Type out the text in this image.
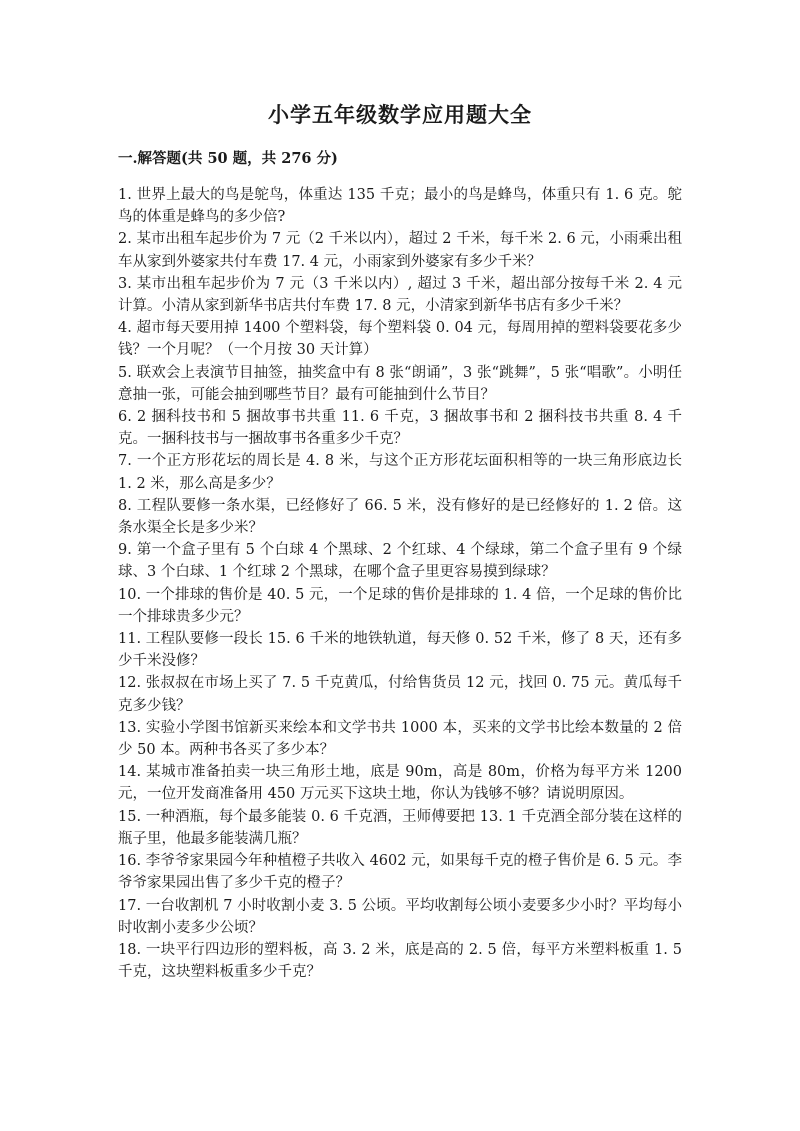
小学五年级数学应用题大全
一.解答题(共 50 题，共 276 分)
1. 世界上最大的鸟是鸵鸟，体重达 135 千克；最小的鸟是蜂鸟，体重只有 1. 6 克。鸵鸟的体重是蜂鸟的多少倍?
2. 某市出租车起步价为 7 元（2 千米以内），超过 2 千米，每千米 2. 6 元，小雨乘出租车从家到外婆家共付车费 17. 4 元，小雨家到外婆家有多少千米？
3. 某市出租车起步价为 7 元（3 千米以内）, 超过 3 千米，超出部分按每千米 2. 4 元计算。小清从家到新华书店共付车费 17. 8 元，小清家到新华书店有多少千米？
4. 超市每天要用掉 1400 个塑料袋，每个塑料袋 0. 04 元，每周用掉的塑料袋要花多少钱？一个月呢？（一个月按 30 天计算）
5. 联欢会上表演节目抽签，抽奖盒中有 8 张“朗诵”，3 张“跳舞”，5 张“唱歌”。小明任意抽一张，可能会抽到哪些节目？最有可能抽到什么节目？
6. 2 捆科技书和 5 捆故事书共重 11. 6 千克，3 捆故事书和 2 捆科技书共重 8. 4 千克。一捆科技书与一捆故事书各重多少千克？
7. 一个正方形花坛的周长是 4. 8 米，与这个正方形花坛面积相等的一块三角形底边长 1. 2 米，那么高是多少？
8. 工程队要修一条水渠，已经修好了 66. 5 米，没有修好的是已经修好的 1. 2 倍。这条水渠全长是多少米？
9. 第一个盒子里有 5 个白球 4 个黑球、2 个红球、4 个绿球，第二个盒子里有 9 个绿球、3 个白球、1 个红球 2 个黑球，在哪个盒子里更容易摸到绿球？
10. 一个排球的售价是 40. 5 元，一个足球的售价是排球的 1. 4 倍，一个足球的售价比一个排球贵多少元？
11. 工程队要修一段长 15. 6 千米的地铁轨道，每天修 0. 52 千米，修了 8 天，还有多少千米没修？
12. 张叔叔在市场上买了 7. 5 千克黄瓜，付给售货员 12 元，找回 0. 75 元。黄瓜每千克多少钱？
13. 实验小学图书馆新买来绘本和文学书共 1000 本，买来的文学书比绘本数量的 2 倍少 50 本。两种书各买了多少本？
14. 某城市准备拍卖一块三角形土地，底是 90m，高是 80m，价格为每平方米 1200 元，一位开发商准备用 450 万元买下这块土地，你认为钱够不够？请说明原因。
15. 一种酒瓶，每个最多能装 0. 6 千克酒，王师傅要把 13. 1 千克酒全部分装在这样的瓶子里，他最多能装满几瓶？
16. 李爷爷家果园今年种植橙子共收入 4602 元，如果每千克的橙子售价是 6. 5 元。李爷爷家果园出售了多少千克的橙子？
17. 一台收割机 7 小时收割小麦 3. 5 公顷。平均收割每公顷小麦要多少小时？平均每小时收割小麦多少公顷？
18. 一块平行四边形的塑料板，高 3. 2 米，底是高的 2. 5 倍，每平方米塑料板重 1. 5 千克，这块塑料板重多少千克？
